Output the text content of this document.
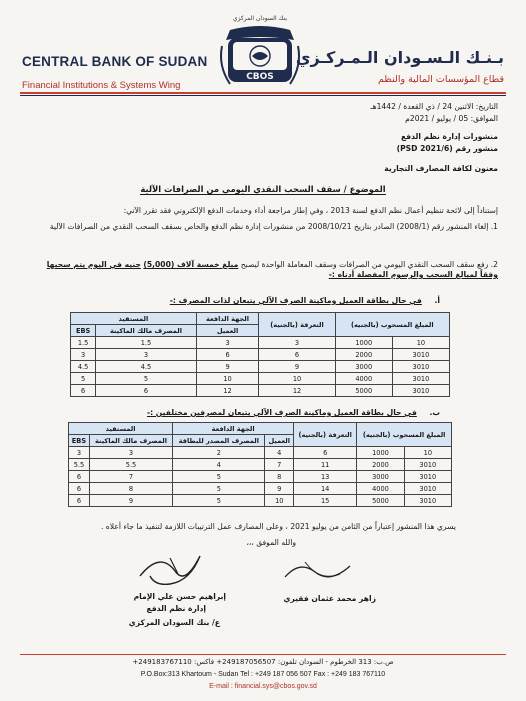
CENTRAL BANK OF SUDAN
Financial Institutions & Systems Wing
بـنـك الـسـودان الـمـركـزي
قطاع المؤسسات المالية والنظم
بنك السودان المركزي
CBOS
التاريخ: الاثنين 24 / ذي القعدة / 1442هـ
الموافق: 05 / يوليو / 2021م
منشورات إدارة نظم الدفع
منشور رقم (2021/6 PSD)
معنون لكافة المصارف التجارية
الموضوع / سقف السحب النقدي اليومي من الصرافات الآلية
إستناداً إلى لائحة تنظيم أعمال نظم الدفع لسنة 2013 ، وفي إطار مراجعة أداء وخدمات الدفع الإلكتروني فقد تقرر الآتي:
1. إلغاء المنشور رقم (2008/1) الصادر بتاريخ 2008/10/21 من منشورات إدارة نظم الدفع والخاص بسقف السحب النقدي من الصرافات الآلية
2. رفع سقف السحب النقدي اليومي من الصرافات وسقف المعاملة الواحدة ليصبح مبلغ خمسة آلاف (5,000) جنيه في اليوم يتم سحبها وفقاً لمبالغ السحب والرسوم المفصلة أدناه :-
أ. في حال بطاقة العميل وماكينة الصرف الآلي يتبعان لذات المصرف :-
المبلغ المسحوب (بالجنيه)		التعرفة (بالجنيه)	الجهة الدافعة	المستفيد	
			العميل	المصرف مالك الماكينة	EBS
10	1000	3	3	1.5	1.5
3010	2000	6	6	3	3
3010	3000	9	9	4.5	4.5
3010	4000	10	10	5	5
3010	5000	12	12	6	6
ب. في حال بطاقة العميل وماكينة الصرف الآلي يتبعان لمصرفين مختلفين :-
المبلغ المسحوب (بالجنيه)		التعرفة (بالجنيه)	الجهة الدافعة		المستفيد	
			العميل	المصرف المصدر للبطاقة	المصرف مالك الماكينة	EBS
10	1000	6	4	2	3	3
3010	2000	11	7	4	5.5	5.5
3010	3000	13	8	5	7	6
3010	4000	14	9	5	8	6
3010	5000	15	10	5	9	6
يسري هذا المنشور إعتباراً من الثامن من يوليو 2021 ، وعلى المصارف عمل الترتيبات اللازمة لتنفيذ ما جاء أعلاه .
والله الموفق ،،،
إبراهيم حسن علي الإمام
إدارة نظم الدفع
ع/ بنك السودان المركزي
زاهر محمد عثمان فقيري
ص.ب: 313 الخرطوم - السودان تلفون: 249187056507+ فاكس: 249183767110+
P.O.Box:313 Khartoum - Sudan Tel : +249 187 056 507 Fax : +249 183 767110
E-mail : financial.sys@cbos.gov.sd
